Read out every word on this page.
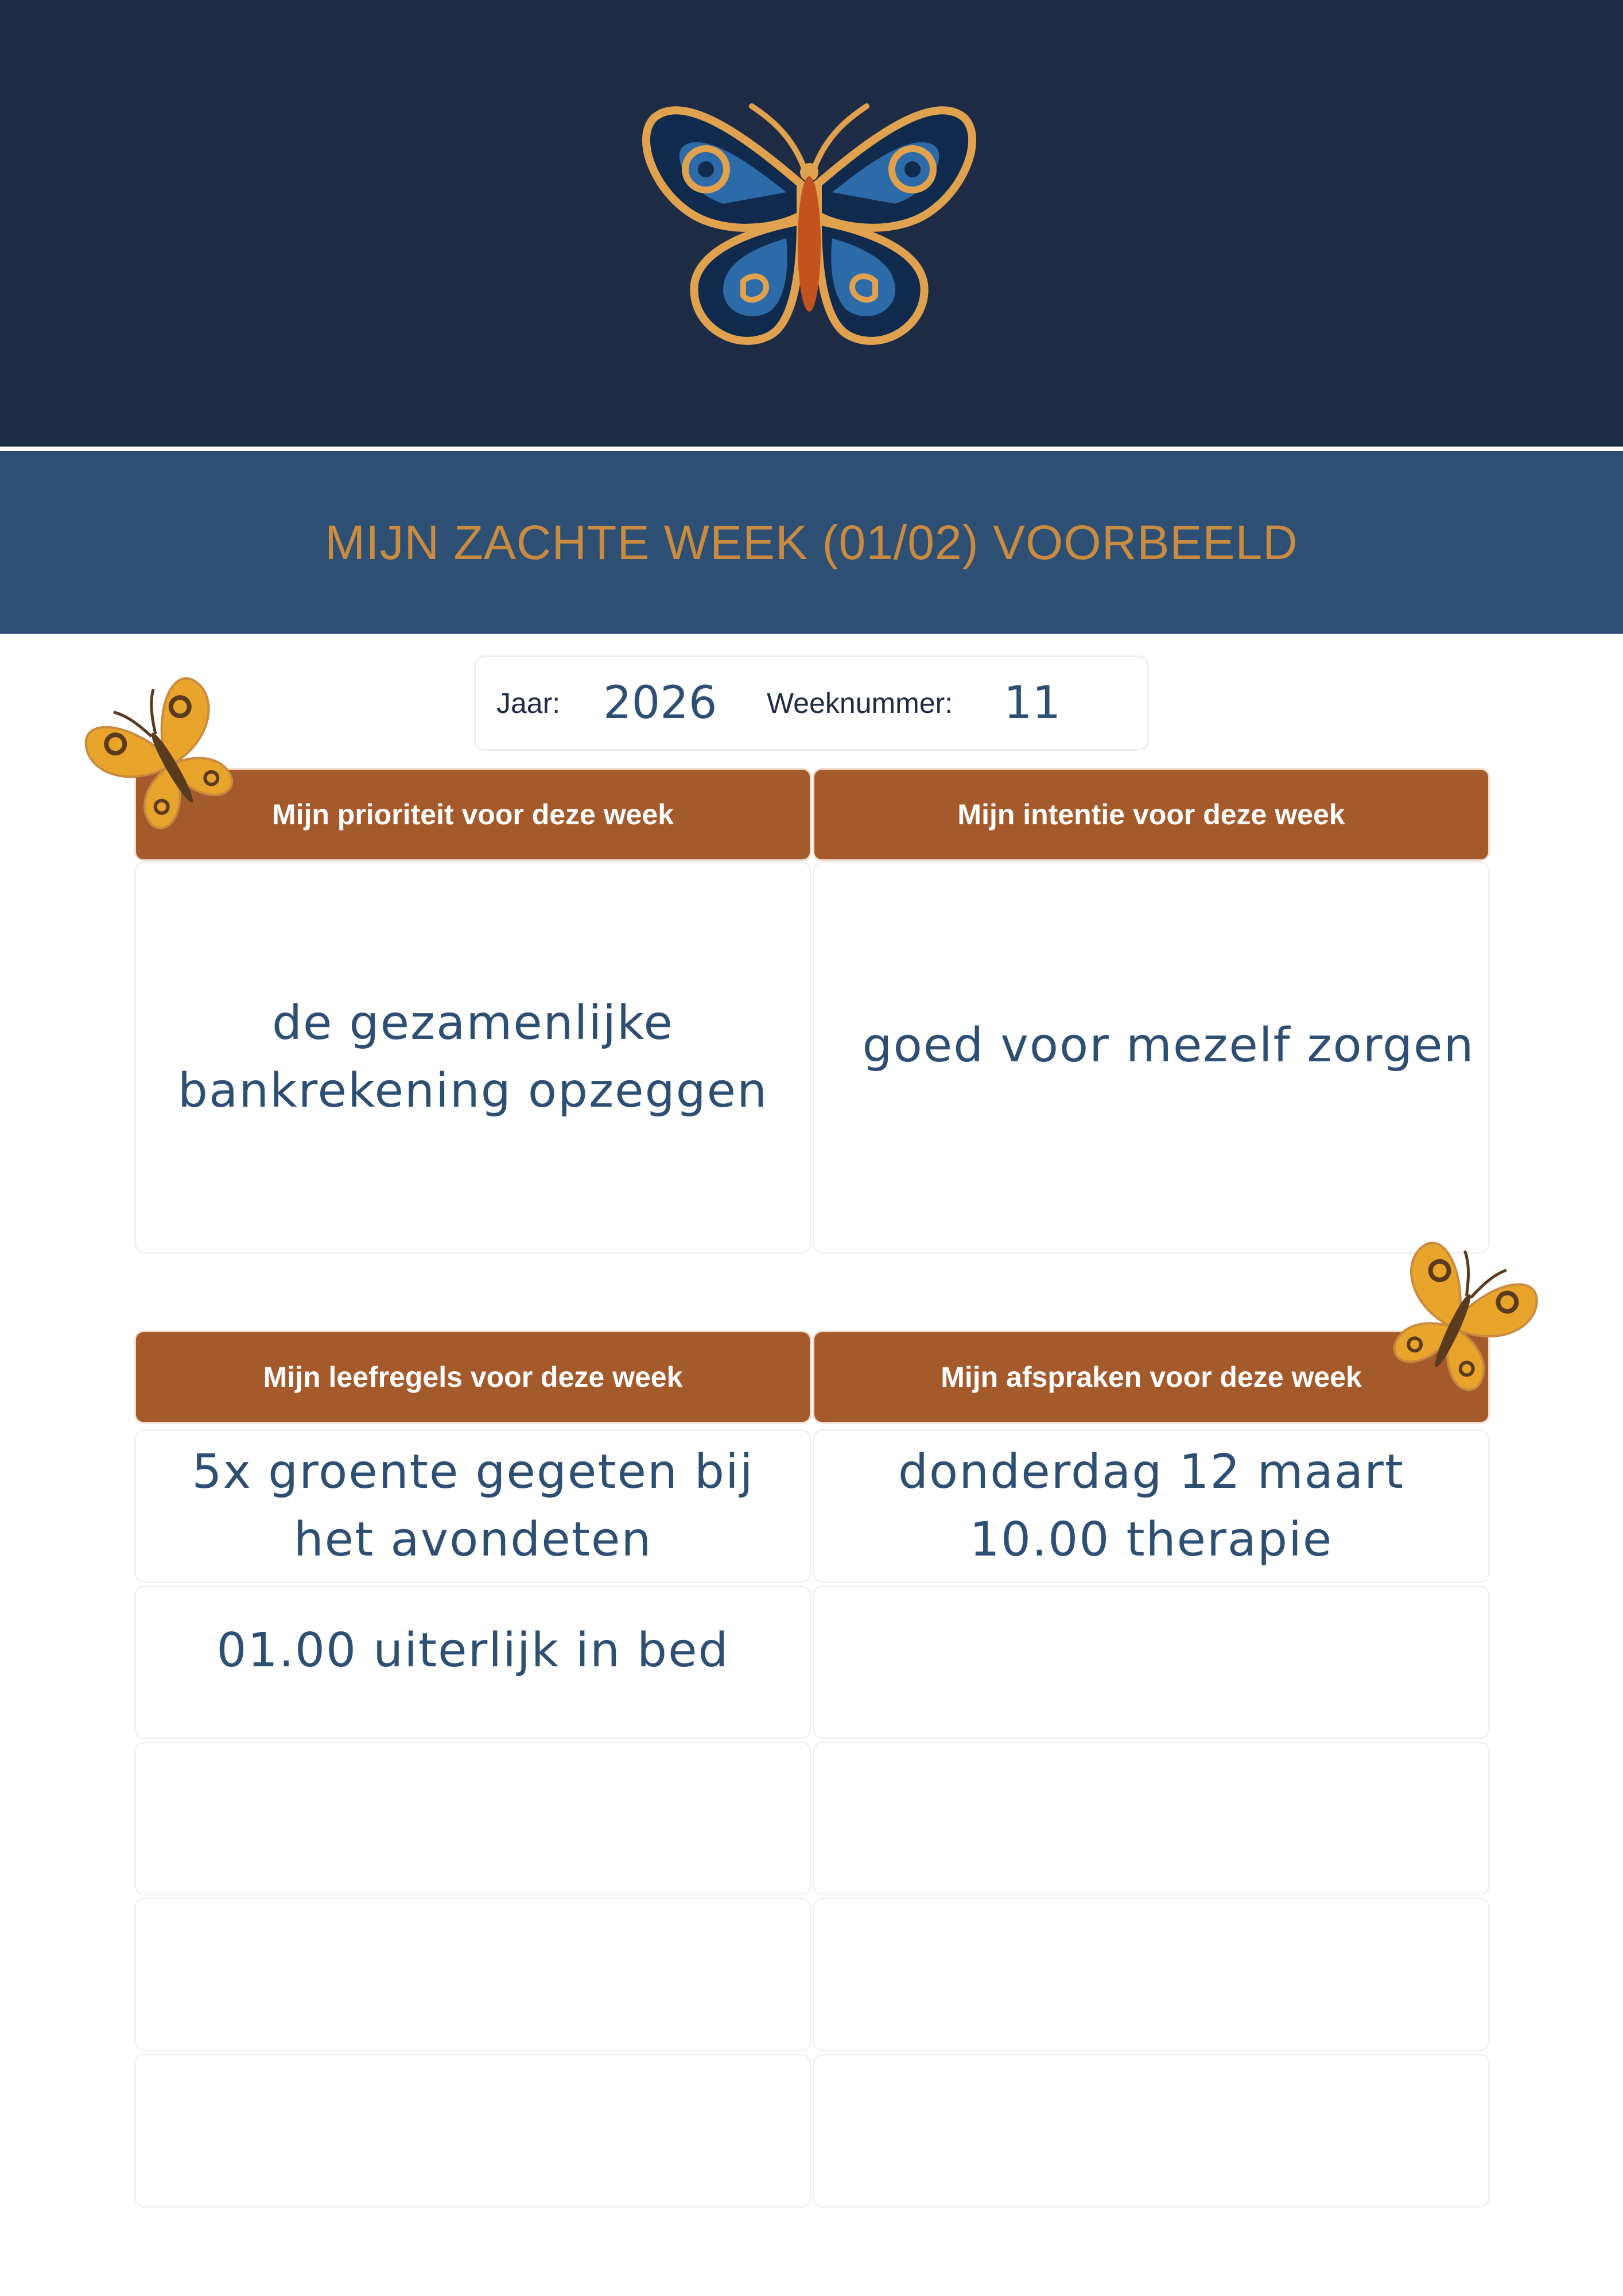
MIJN ZACHTE WEEK (01/02) VOORBEELD
Jaar: 2026 Weeknummer: 11
Mijn prioriteit voor deze week
de gezamenlijke bankrekening opzeggen
Mijn intentie voor deze week
goed voor mezelf zorgen
Mijn leefregels voor deze week
5x groente gegeten bij het avondeten
01.00 uiterlijk in bed
Mijn afspraken voor deze week
donderdag 12 maart 10.00 therapie
